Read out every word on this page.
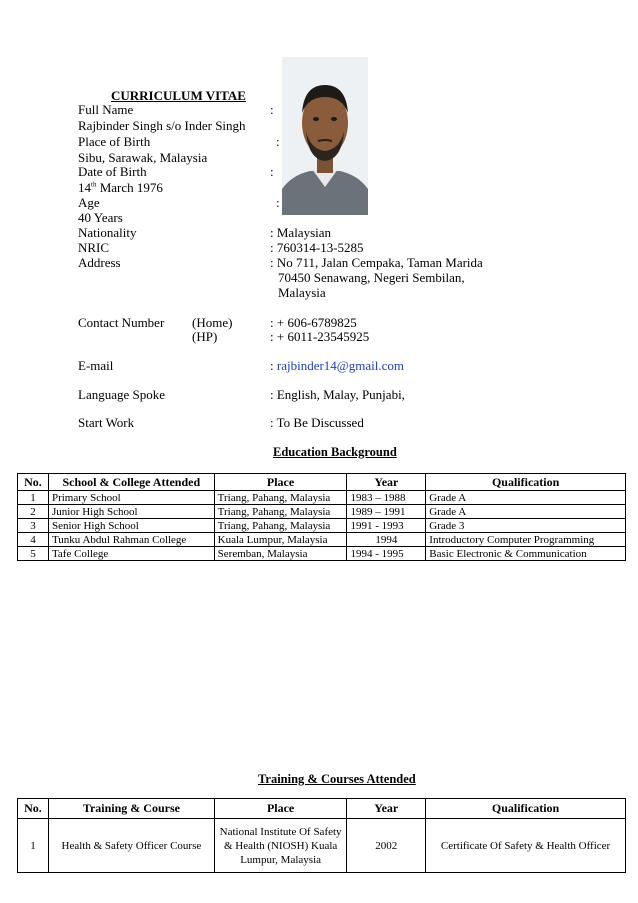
CURRICULUM VITAE
Full Name	:
Rajbinder Singh s/o Inder Singh
Place of Birth	:
Sibu, Sarawak, Malaysia
Date of Birth	:
14th March 1976
Age	:
40 Years
Nationality	: Malaysian
NRIC	: 760314-13-5285
Address	: No 711, Jalan Cempaka, Taman Marida
70450 Senawang, Negeri Sembilan,
Malaysia
Contact Number (Home)	: + 606-6789825
(HP)	: + 6011-23545925
E-mail	: rajbinder14@gmail.com
Language Spoke	: English, Malay, Punjabi,
Start Work	: To Be Discussed
Education Background
No.	School & College Attended	Place	Year	Qualification
1	Primary School	Triang, Pahang, Malaysia	1983 – 1988	Grade A
2	Junior High School	Triang, Pahang, Malaysia	1989 – 1991	Grade A
3	Senior High School	Triang, Pahang, Malaysia	1991 - 1993	Grade 3
4	Tunku Abdul Rahman College	Kuala Lumpur, Malaysia	1994	Introductory Computer Programming
5	Tafe College	Seremban, Malaysia	1994 - 1995	Basic Electronic & Communication
Training & Courses Attended
No.	Training & Course	Place	Year	Qualification
1	Health & Safety Officer Course	National Institute Of Safety & Health (NIOSH) Kuala Lumpur, Malaysia	2002	Certificate Of Safety & Health Officer
